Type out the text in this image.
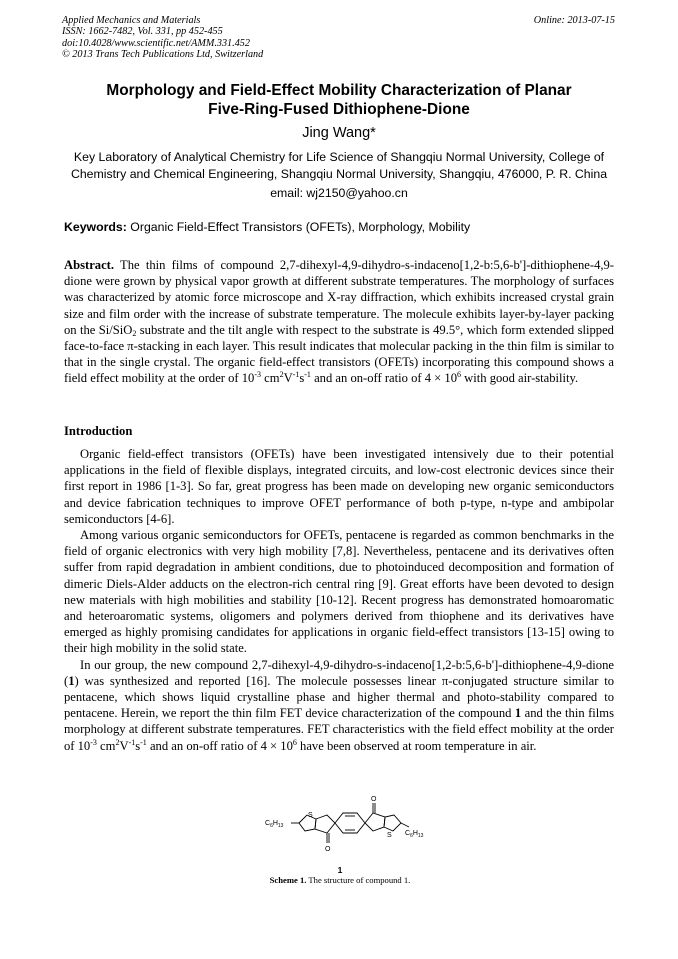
Applied Mechanics and Materials
ISSN: 1662-7482, Vol. 331, pp 452-455
doi:10.4028/www.scientific.net/AMM.331.452
© 2013 Trans Tech Publications Ltd, Switzerland
Online: 2013-07-15
Morphology and Field-Effect Mobility Characterization of Planar
Five-Ring-Fused Dithiophene-Dione
Jing Wang*
Key Laboratory of Analytical Chemistry for Life Science of Shangqiu Normal University, College of Chemistry and Chemical Engineering, Shangqiu Normal University, Shangqiu, 476000, P. R. China
email: wj2150@yahoo.cn
Keywords: Organic Field-Effect Transistors (OFETs), Morphology, Mobility
Abstract. The thin films of compound 2,7-dihexyl-4,9-dihydro-s-indaceno[1,2-b:5,6-b']-dithiophene-4,9-dione were grown by physical vapor growth at different substrate temperatures. The morphology of surfaces was characterized by atomic force microscope and X-ray diffraction, which exhibits increased crystal grain size and film order with the increase of substrate temperature. The molecule exhibits layer-by-layer packing on the Si/SiO$_2$ substrate and the tilt angle with respect to the substrate is 49.5°, which form extended slipped face-to-face π-stacking in each layer. This result indicates that molecular packing in the thin film is similar to that in the single crystal. The organic field-effect transistors (OFETs) incorporating this compound shows a field effect mobility at the order of $10^{-3}$ $cm^2V^{-1}s^{-1}$ and an on-off ratio of $4 \times 10^6$ with good air-stability.
Introduction

Organic field-effect transistors (OFETs) have been investigated intensively due to their potential applications in the field of flexible displays, integrated circuits, and low-cost electronic devices since their first report in 1986 [1-3]. So far, great progress has been made on developing new organic semiconductors and device fabrication techniques to improve OFET performance of both p-type, n-type and ambipolar semiconductors [4-6].

Among various organic semiconductors for OFETs, pentacene is regarded as common benchmarks in the field of organic electronics with very high mobility [7,8]. Nevertheless, pentacene and its derivatives often suffer from rapid degradation in ambient conditions, due to photoinduced decomposition and formation of dimeric Diels-Alder adducts on the electron-rich central ring [9]. Great efforts have been devoted to design new materials with high mobilities and stability [10-12]. Recent progress has demonstrated homoaromatic and heteroaromatic systems, oligomers and polymers derived from thiophene and its derivatives have emerged as highly promising candidates for applications in organic field-effect transistors [13-15] owing to their high mobility in the solid state.

In our group, the new compound 2,7-dihexyl-4,9-dihydro-s-indaceno[1,2-b:5,6-b']-dithiophene-4,9-dione (1) was synthesized and reported [16]. The molecule possesses linear π-conjugated structure similar to pentacene, which shows liquid crystalline phase and higher thermal and photo-stability compared to pentacene. Herein, we report the thin film FET device characterization of the compound 1 and the thin films morphology at different substrate temperatures. FET characteristics with the field effect mobility at the order of $10^{-3}$ $cm^2V^{-1}s^{-1}$ and an on-off ratio of $4 \times 10^6$ have been observed at room temperature in air.

$C_6H_{13}$
$C_6H_{13}$
S
S
O
O
1
Scheme 1. The structure of compound 1.
